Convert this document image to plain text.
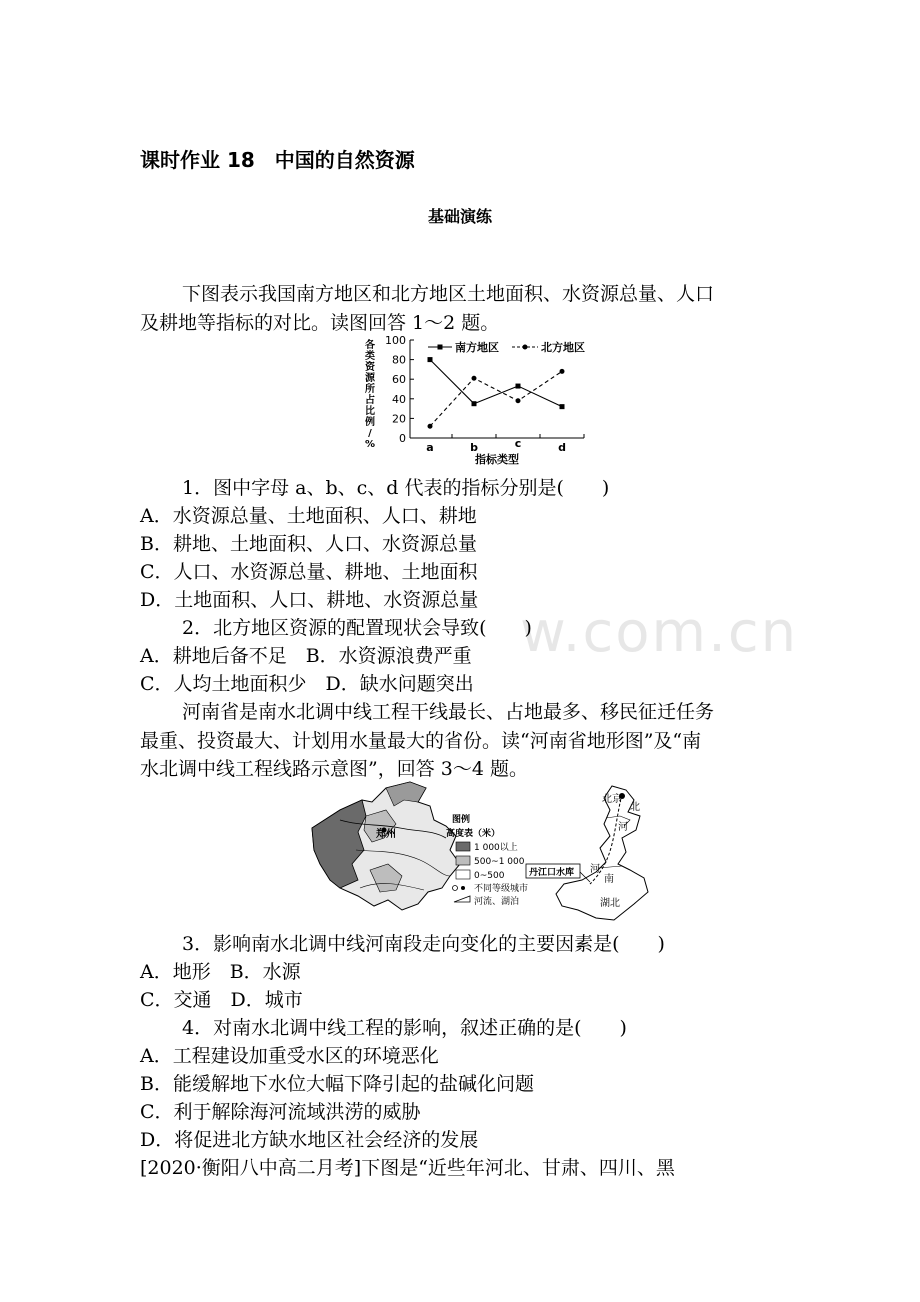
课时作业 18　中国的自然资源
基础演练
w.com.cn
下图表示我国南方地区和北方地区土地面积、水资源总量、人口
及耕地等指标的对比。读图回答 1～2 题。
各
类
资
源
所
占
比
例
/
% 0
20
40
60
80
100
a	b	c	d
南方地区	北方地区
指标类型
1．图中字母 a、b、c、d 代表的指标分别是(　　)
A．水资源总量、土地面积、人口、耕地
B．耕地、土地面积、人口、水资源总量
C．人口、水资源总量、耕地、土地面积
D．土地面积、人口、耕地、水资源总量
2．北方地区资源的配置现状会导致(　　)
A．耕地后备不足　B．水资源浪费严重
C．人均土地面积少　D．缺水问题突出
河南省是南水北调中线工程干线最长、占地最多、移民征迁任务
最重、投资最大、计划用水量最大的省份。读“河南省地形图”及“南
水北调中线工程线路示意图”，回答 3～4 题。
郑州
图例
高度表（米）
1 000以上
500~1 000
0~500
不同等级城市
河流、湖泊
北京
北
河
河
南
湖北
丹江口水库
3．影响南水北调中线河南段走向变化的主要因素是(　　)
A．地形　B．水源
C．交通　D．城市
4．对南水北调中线工程的影响，叙述正确的是(　　)
A．工程建设加重受水区的环境恶化
B．能缓解地下水位大幅下降引起的盐碱化问题
C．利于解除海河流域洪涝的威胁
D．将促进北方缺水地区社会经济的发展
[2020·衡阳八中高二月考]下图是“近些年河北、甘肃、四川、黑
